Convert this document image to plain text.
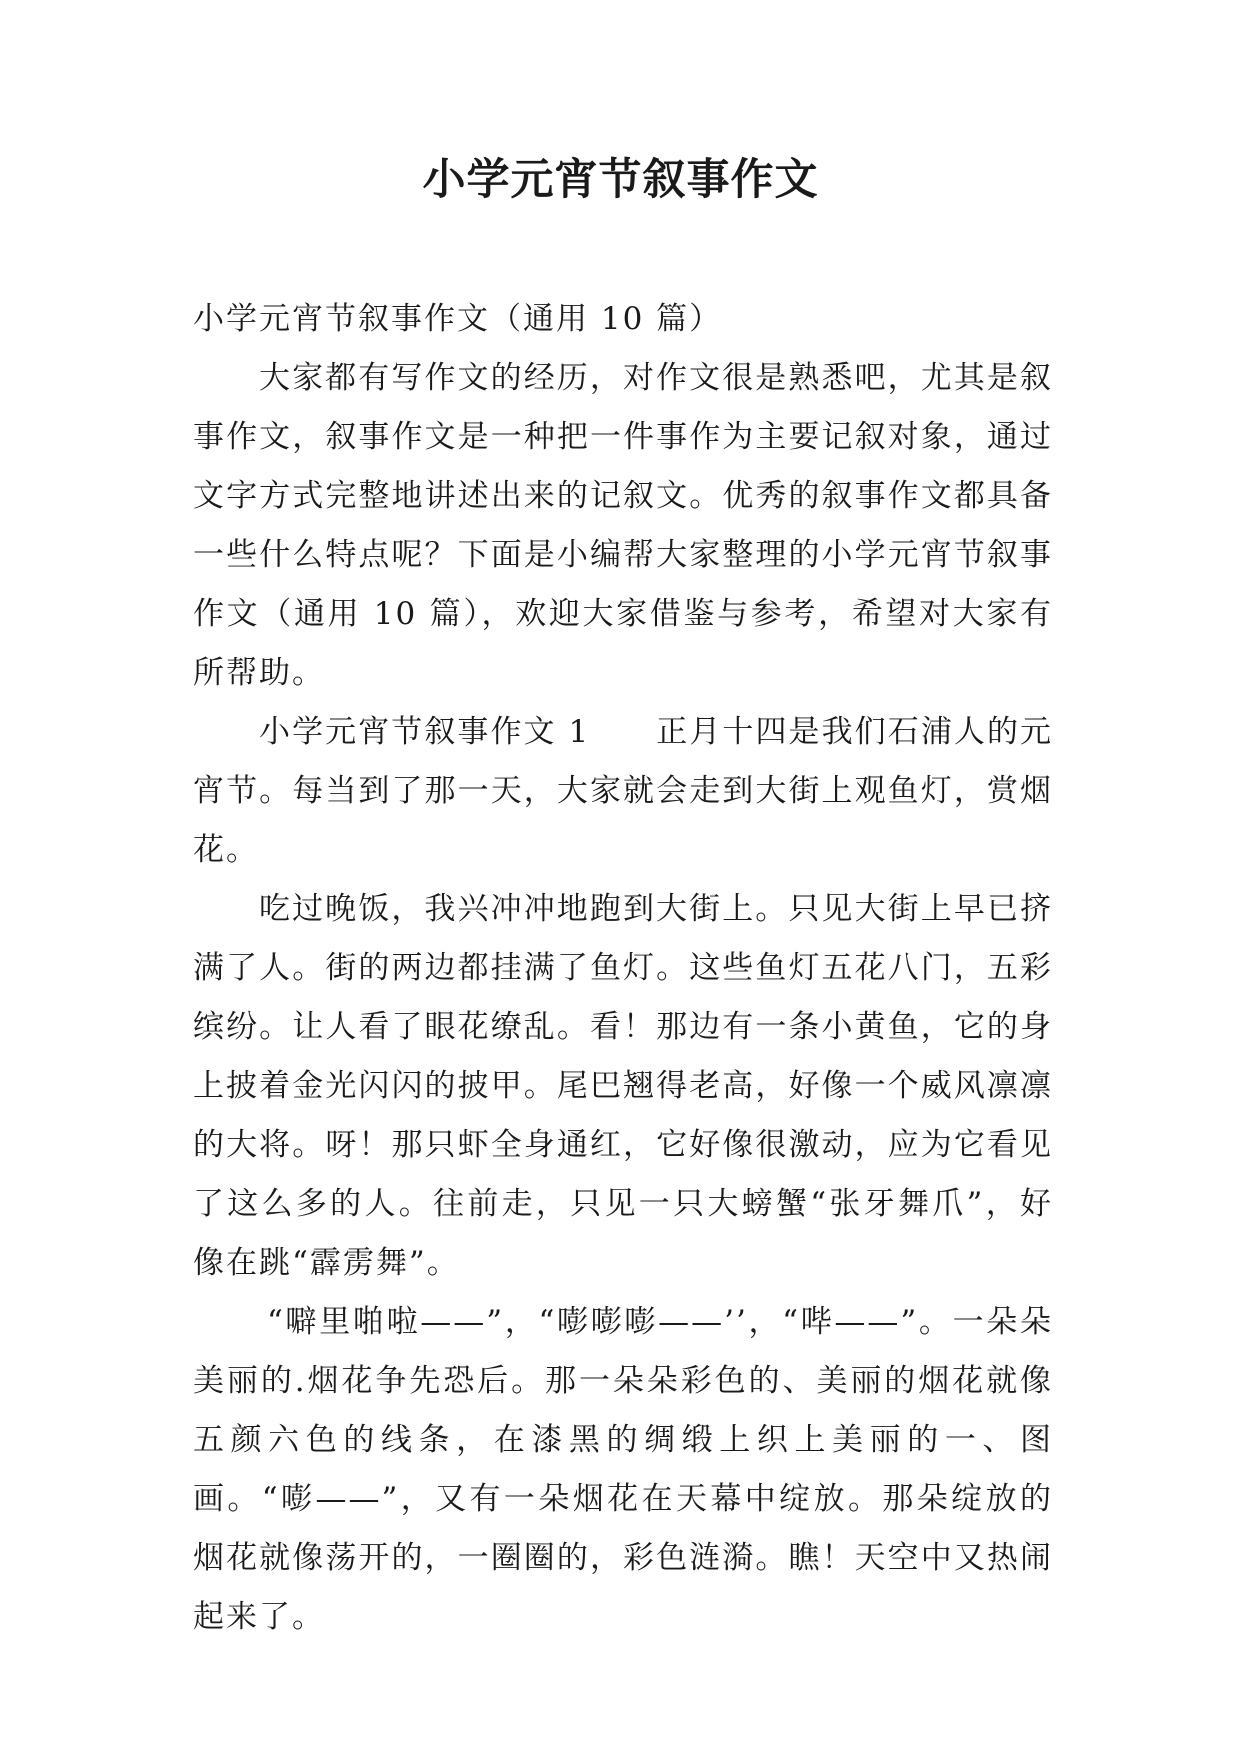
小学元宵节叙事作文

小学元宵节叙事作文（通用 10 篇）

大家都有写作文的经历，对作文很是熟悉吧，尤其是叙事作文，叙事作文是一种把一件事作为主要记叙对象，通过文字方式完整地讲述出来的记叙文。优秀的叙事作文都具备一些什么特点呢？下面是小编帮大家整理的小学元宵节叙事作文（通用 10 篇），欢迎大家借鉴与参考，希望对大家有所帮助。

小学元宵节叙事作文 1 正月十四是我们石浦人的元宵节。每当到了那一天，大家就会走到大街上观鱼灯，赏烟花。

吃过晚饭，我兴冲冲地跑到大街上。只见大街上早已挤满了人。街的两边都挂满了鱼灯。这些鱼灯五花八门，五彩缤纷。让人看了眼花缭乱。看！那边有一条小黄鱼，它的身上披着金光闪闪的披甲。尾巴翘得老高，好像一个威风凛凛的大将。呀！那只虾全身通红，它好像很激动，应为它看见了这么多的人。往前走，只见一只大螃蟹“张牙舞爪”，好像在跳“霹雳舞”。

“噼里啪啦——”，“嘭嘭嘭——’’，“哔——”。一朵朵美丽的.烟花争先恐后。那一朵朵彩色的、美丽的烟花就像五颜六色的线条，在漆黑的绸缎上织上美丽的一、图画。“嘭——”，又有一朵烟花在天幕中绽放。那朵绽放的烟花就像荡开的，一圈圈的，彩色涟漪。瞧！天空中又热闹起来了。
